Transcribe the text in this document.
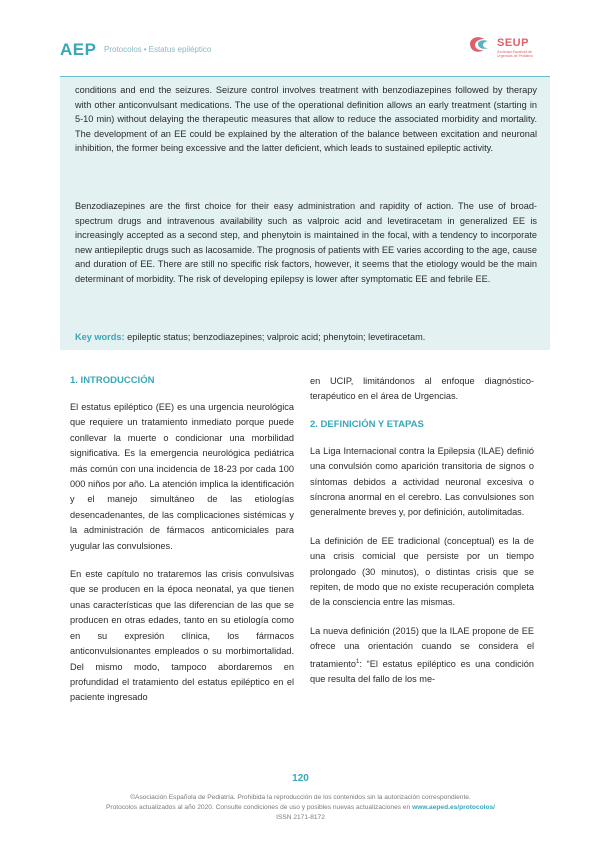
AEP Protocolos • Estatus epiléptico
SEUP
Sociedad Española de Urgencias de Pediatría

conditions and end the seizures. Seizure control involves treatment with benzodiazepines followed by therapy with other anticonvulsant medications. The use of the operational definition allows an early treatment (starting in 5-10 min) without delaying the therapeutic measures that allow to reduce the associated morbidity and mortality. The development of an EE could be explained by the alteration of the balance between excitation and neuronal inhibition, the former being excessive and the latter deficient, which leads to sustained epileptic activity.

Benzodiazepines are the first choice for their easy administration and rapidity of action. The use of broad-spectrum drugs and intravenous availability such as valproic acid and levetiracetam in generalized EE is increasingly accepted as a second step, and phenytoin is maintained in the focal, with a tendency to incorporate new antiepileptic drugs such as lacosamide. The prognosis of patients with EE varies according to the age, cause and duration of EE. There are still no specific risk factors, however, it seems that the etiology would be the main determinant of morbidity. The risk of developing epilepsy is lower after symptomatic EE and febrile EE.

Key words: epileptic status; benzodiazepines; valproic acid; phenytoin; levetiracetam.

1. INTRODUCCIÓN

El estatus epiléptico (EE) es una urgencia neurológica que requiere un tratamiento inmediato porque puede conllevar la muerte o condicionar una morbilidad significativa. Es la emergencia neurológica pediátrica más común con una incidencia de 18-23 por cada 100 000 niños por año. La atención implica la identificación y el manejo simultáneo de las etiologías desencadenantes, de las complicaciones sistémicas y la administración de fármacos anticomiciales para yugular las convulsiones.

En este capítulo no trataremos las crisis convulsivas que se producen en la época neonatal, ya que tienen unas características que las diferencian de las que se producen en otras edades, tanto en su etiología como en su expresión clínica, los fármacos anticonvulsionantes empleados o su morbimortalidad. Del mismo modo, tampoco abordaremos en profundidad el tratamiento del estatus epiléptico en el paciente ingresado

en UCIP, limitándonos al enfoque diagnóstico-terapéutico en el área de Urgencias.

2. DEFINICIÓN Y ETAPAS

La Liga Internacional contra la Epilepsia (ILAE) definió una convulsión como aparición transitoria de signos o síntomas debidos a actividad neuronal excesiva o síncrona anormal en el cerebro. Las convulsiones son generalmente breves y, por definición, autolimitadas.

La definición de EE tradicional (conceptual) es la de una crisis comicial que persiste por un tiempo prolongado (30 minutos), o distintas crisis que se repiten, de modo que no existe recuperación completa de la consciencia entre las mismas.

La nueva definición (2015) que la ILAE propone de EE ofrece una orientación cuando se considera el tratamiento$^1$: “El estatus epiléptico es una condición que resulta del fallo de los me-

120
©Asociación Española de Pediatría. Prohibida la reproducción de los contenidos sin la autorización correspondiente.
Protocolos actualizados al año 2020. Consulte condiciones de uso y posibles nuevas actualizaciones en www.aeped.es/protocolos/
ISSN 2171-8172
